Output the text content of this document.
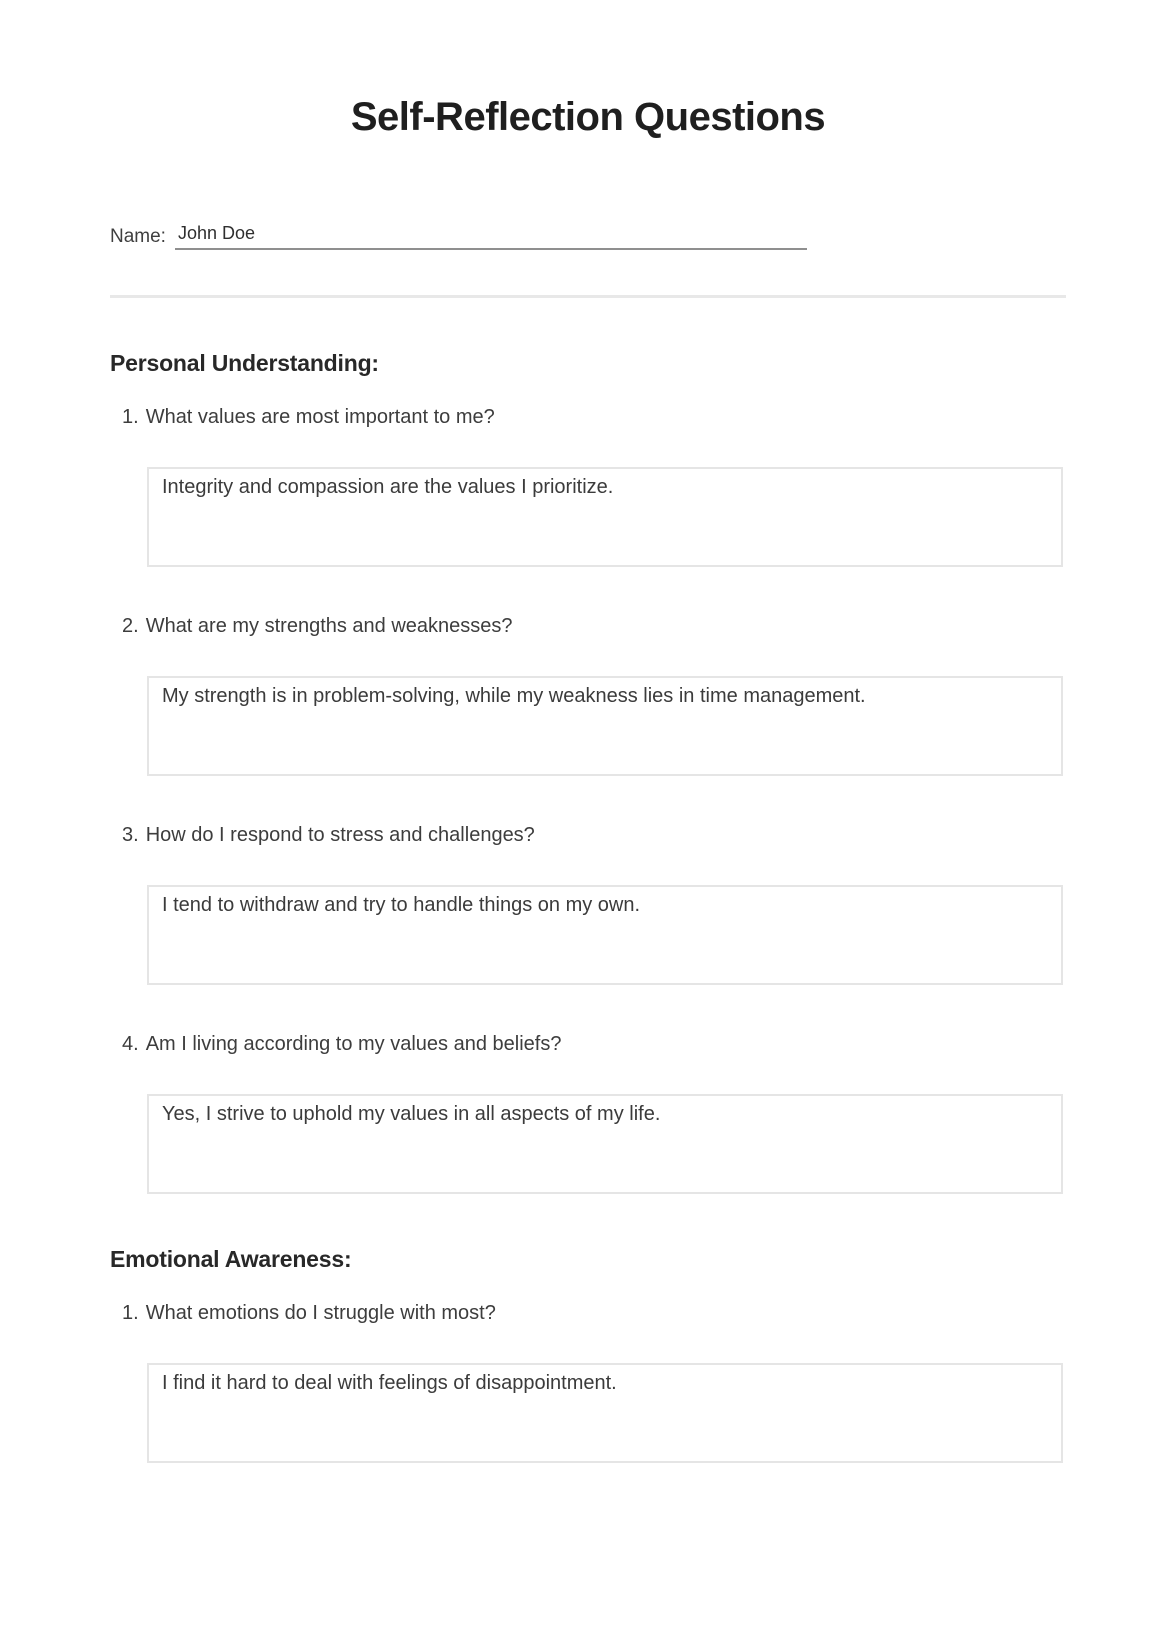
Self-Reflection Questions
Name: John Doe
Personal Understanding:
1. What values are most important to me?
Integrity and compassion are the values I prioritize.
2. What are my strengths and weaknesses?
My strength is in problem-solving, while my weakness lies in time management.
3. How do I respond to stress and challenges?
I tend to withdraw and try to handle things on my own.
4. Am I living according to my values and beliefs?
Yes, I strive to uphold my values in all aspects of my life.
Emotional Awareness:
1. What emotions do I struggle with most?
I find it hard to deal with feelings of disappointment.
